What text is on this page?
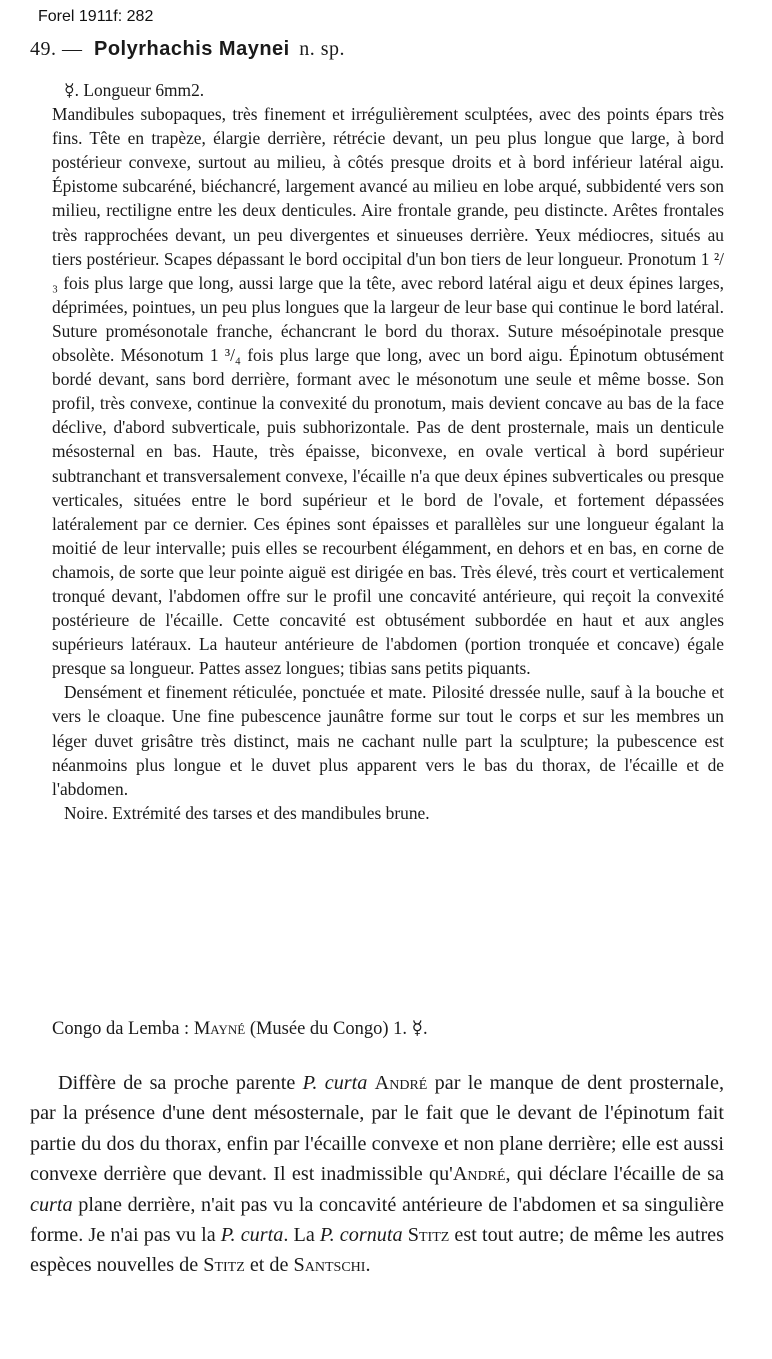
Forel 1911f: 282
49. — Polyrhachis Maynei n. sp.

☿. Longueur 6mm2.

Mandibules subopaques, très finement et irrégulièrement sculptées, avec des points épars très fins. Tête en trapèze, élargie derrière, rétrécie devant, un peu plus longue que large, à bord postérieur convexe, surtout au milieu, à côtés presque droits et à bord inférieur latéral aigu. Épistome subcaréné, biéchancré, largement avancé au milieu en lobe arqué, subbidenté vers son milieu, rectiligne entre les deux denticules. Aire frontale grande, peu distincte. Arêtes frontales très rapprochées devant, un peu divergentes et sinueuses derrière. Yeux médiocres, situés au tiers postérieur. Scapes dépassant le bord occipital d'un bon tiers de leur longueur. Pronotum 1 ²/₃ fois plus large que long, aussi large que la tête, avec rebord latéral aigu et deux épines larges, déprimées, pointues, un peu plus longues que la largeur de leur base qui continue le bord latéral. Suture promésonotale franche, échancrant le bord du thorax. Suture mésoépinotale presque obsolète. Mésonotum 1 ³/₄ fois plus large que long, avec un bord aigu. Épinotum obtusément bordé devant, sans bord derrière, formant avec le mésonotum une seule et même bosse. Son profil, très convexe, continue la convexité du pronotum, mais devient concave au bas de la face déclive, d'abord subverticale, puis subhorizontale. Pas de dent prosternale, mais un denticule mésosternal en bas. Haute, très épaisse, biconvexe, en ovale vertical à bord supérieur subtranchant et transversalement convexe, l'écaille n'a que deux épines subverticales ou presque verticales, situées entre le bord supérieur et le bord de l'ovale, et fortement dépassées latéralement par ce dernier. Ces épines sont épaisses et parallèles sur une longueur égalant la moitié de leur intervalle; puis elles se recourbent élégamment, en dehors et en bas, en corne de chamois, de sorte que leur pointe aiguë est dirigée en bas. Très élevé, très court et verticalement tronqué devant, l'abdomen offre sur le profil une concavité antérieure, qui reçoit la convexité postérieure de l'écaille. Cette concavité est obtusément subbordée en haut et aux angles supérieurs latéraux. La hauteur antérieure de l'abdomen (portion tronquée et concave) égale presque sa longueur. Pattes assez longues; tibias sans petits piquants.

Densément et finement réticulée, ponctuée et mate. Pilosité dressée nulle, sauf à la bouche et vers le cloaque. Une fine pubescence jaunâtre forme sur tout le corps et sur les membres un léger duvet grisâtre très distinct, mais ne cachant nulle part la sculpture; la pubescence est néanmoins plus longue et le duvet plus apparent vers le bas du thorax, de l'écaille et de l'abdomen.

Noire. Extrémité des tarses et des mandibules brune.

Congo da Lemba : Mayné (Musée du Congo) 1. ☿.

Diffère de sa proche parente P. curta André par le manque de dent prosternale, par la présence d'une dent mésosternale, par le fait que le devant de l'épinotum fait partie du dos du thorax, enfin par l'écaille convexe et non plane derrière; elle est aussi convexe derrière que devant. Il est inadmissible qu'André, qui déclare l'écaille de sa curta plane derrière, n'ait pas vu la concavité antérieure de l'abdomen et sa singulière forme. Je n'ai pas vu la P. curta. La P. cornuta Stitz est tout autre; de même les autres espèces nouvelles de Stitz et de Santschi.
